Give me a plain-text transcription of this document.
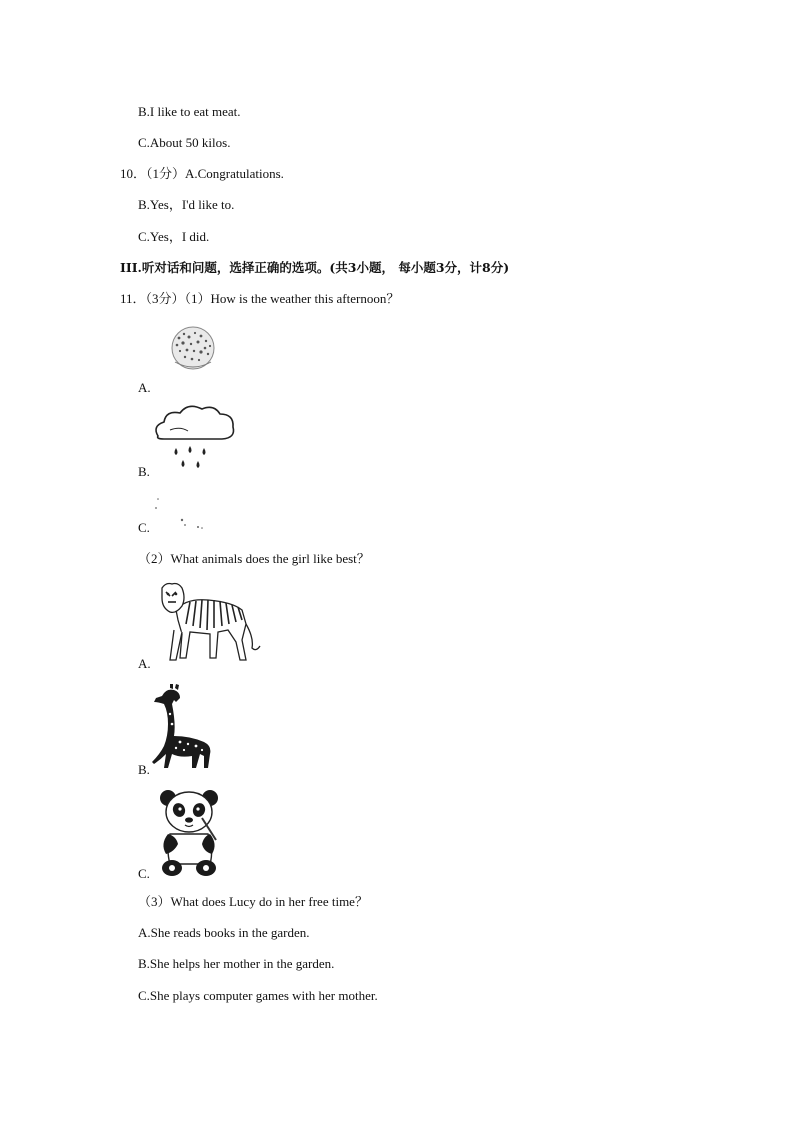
B.I like to eat meat.
C.About 50 kilos.
10．（1分）A.Congratulations.
B.Yes，I'd like to.
C.Yes，I did.
III.听对话和问题，选择正确的选项。(共3小题， 每小题3分，计8分)
11．（3分）（1）How is the weather this afternoon？
A.
B.
C.
（2）What animals does the girl like best？
A.
B.
C.
（3）What does Lucy do in her free time？
A.She reads books in the garden.
B.She helps her mother in the garden.
C.She plays computer games with her mother.
